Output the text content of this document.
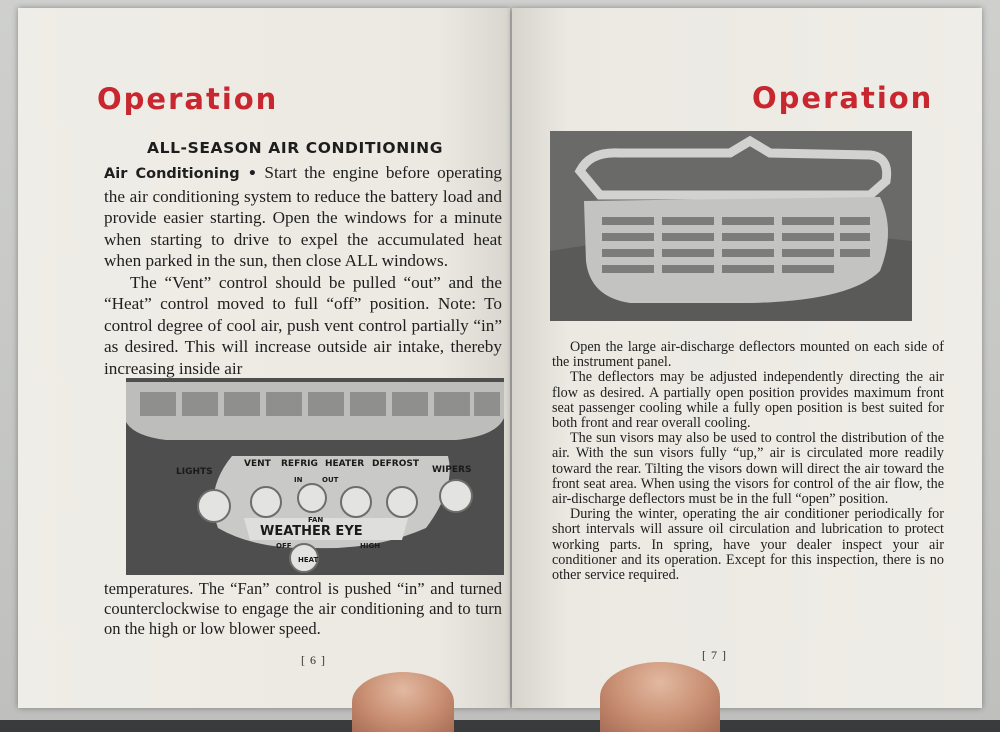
Operation
ALL-SEASON AIR CONDITIONING

Air Conditioning • Start the engine before operating the air conditioning system to reduce the battery load and provide easier starting. Open the windows for a minute when starting to drive to expel the accumulated heat when parked in the sun, then close ALL windows.

The “Vent” control should be pulled “out” and the “Heat” control moved to full “off” position. Note: To control degree of cool air, push vent control partially “in” as desired. This will increase outside air intake, thereby increasing inside air

LIGHTS
VENT REFRIG HEATER DEFROST
WIPERS
IN	OUT
FAN
OFF
HEAT
HIGH
WEATHER EYE

temperatures. The “Fan” control is pushed “in” and turned counterclockwise to engage the air conditioning and to turn on the high or low blower speed.

[ 6 ]
Operation

Open the large air-discharge deflectors mounted on each side of the instrument panel.

The deflectors may be adjusted independently directing the air flow as desired. A partially open position provides maximum front seat passenger cooling while a fully open position is best suited for both front and rear overall cooling.

The sun visors may also be used to control the distribution of the air. With the sun visors fully “up,” air is circulated more readily toward the rear. Tilting the visors down will direct the air toward the front seat area. When using the visors for control of the air flow, the air-discharge deflectors must be in the full “open” position.

During the winter, operating the air conditioner periodically for short intervals will assure oil circulation and lubrication to protect working parts. In spring, have your dealer inspect your air conditioner and its operation. Except for this inspection, there is no other service required.

[ 7 ]
